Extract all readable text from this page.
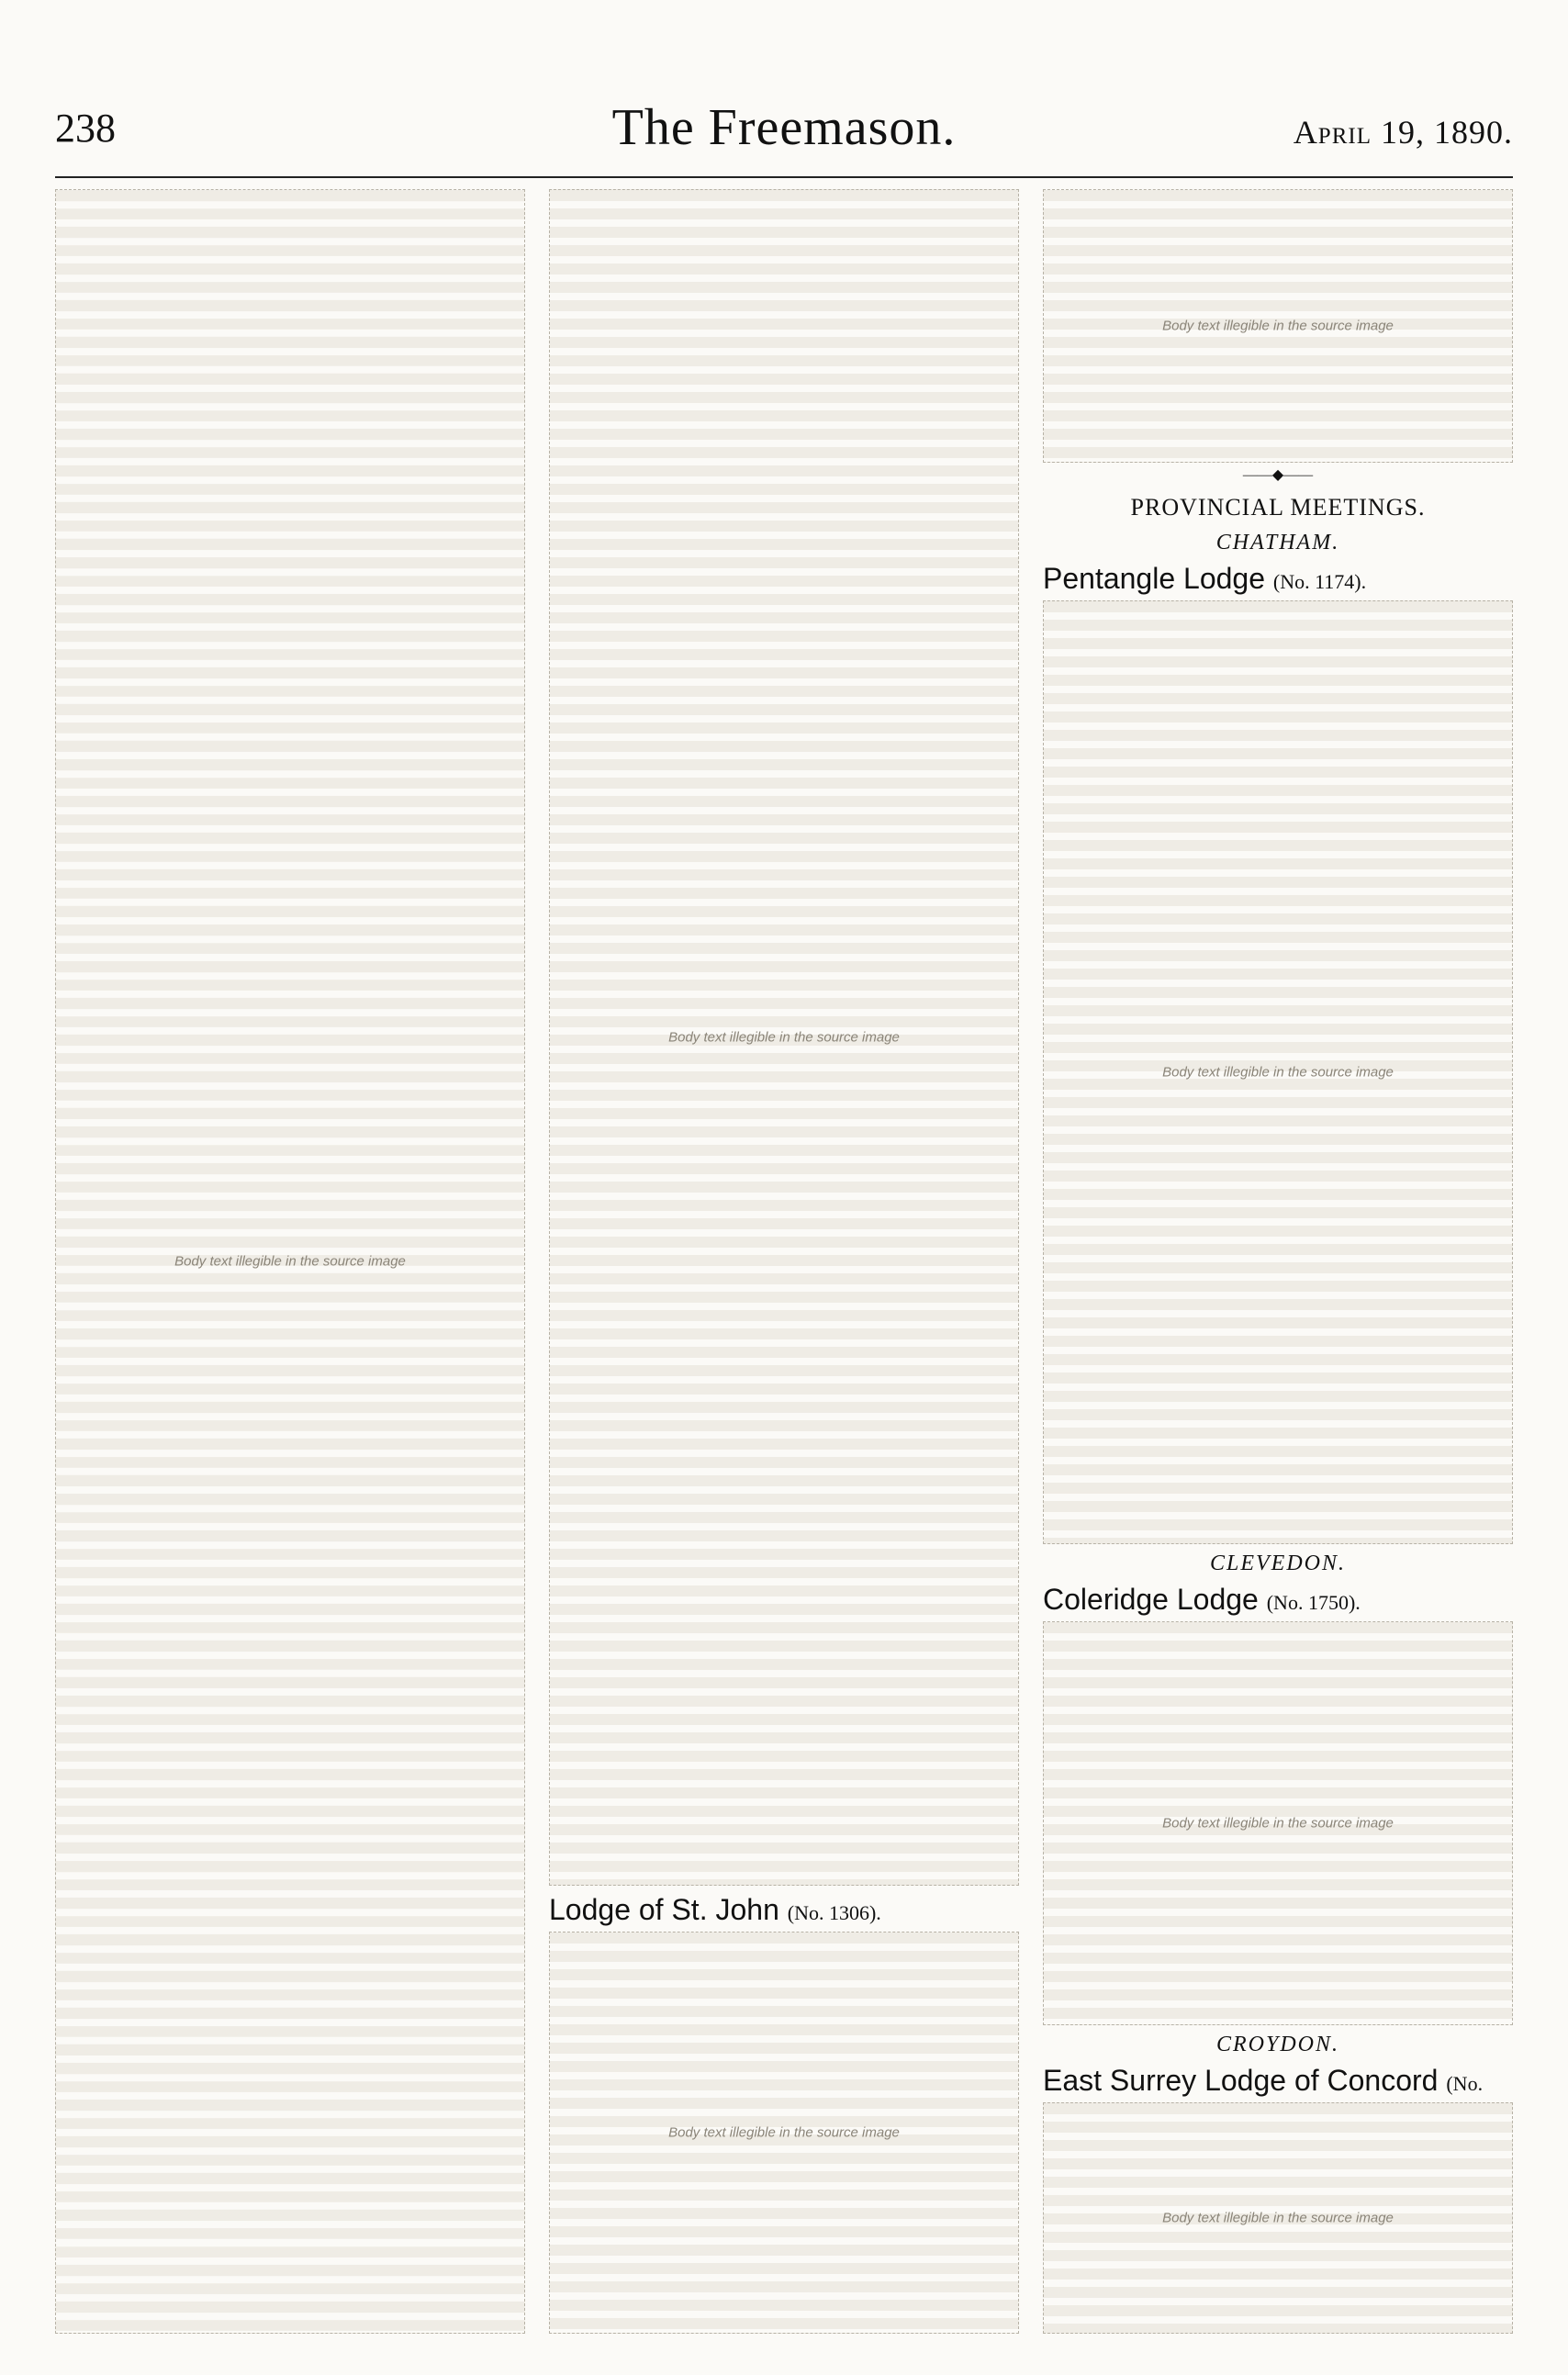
238	The Freemason.	April 19, 1890.
Body text illegible in the source image
Body text illegible in the source image
Lodge of St. John (No. 1306).
Body text illegible in the source image
Body text illegible in the source image
——◆——
PROVINCIAL MEETINGS.
CHATHAM.
Pentangle Lodge (No. 1174).
Body text illegible in the source image
CLEVEDON.
Coleridge Lodge (No. 1750).
Body text illegible in the source image
CROYDON.
East Surrey Lodge of Concord (No.
Body text illegible in the source image
